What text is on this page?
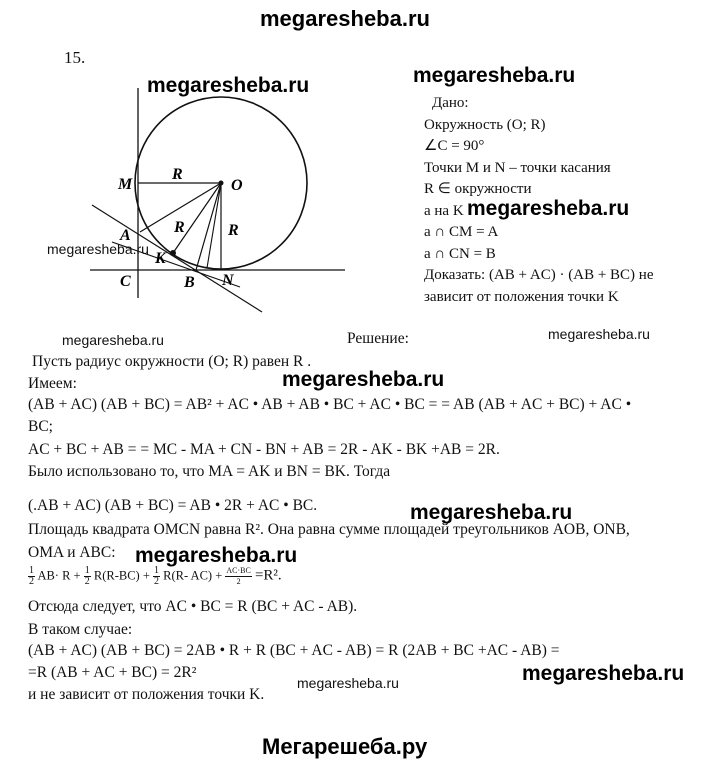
megaresheba.ru
Мегарешеба.ру
megaresheba.ru	megaresheba.ru
megaresheba.ru
megaresheba.ru
megaresheba.ru
megaresheba.ru
megaresheba.ru
megaresheba.ru
megaresheba.ru	megaresheba.ru
megaresheba.ru
15.
M
R
O
R	R
A
K
C	B N
Дано:
Окружность (O; R)
∠C = 90°
Точки M и N – точки касания
R ∈ окружности
a на K
a ∩ CM = A
a ∩ CN = B
Доказать: (AB + AC) · (AB + BC) не
зависит от положения точки K
Решение:
Пусть радиус окружности (O; R) равен R .
Имеем:
(AB + AC) (AB + BC) = AB² + AC • AB + AB • BC + AC • BC = = AB (AB + AC + BC) + AC •
BC;
AC + BC + AB = = MC - MA + CN - BN + AB = 2R - AK - BK +AB = 2R.
Было использовано то, что MA = AK и BN = BK. Тогда
(.AB + AC) (AB + BC) = AB • 2R + AC • BC.
Площадь квадрата OMCN равна R². Она равна сумме площадей треугольников AOB, ONB,
OMA и ABC:
$\frac{1}{2} AB\cdot R + \frac{1}{2} R(R-BC) + \frac{1}{2} R(R-$ $AC) + \frac{AC\cdot BC}{2} =R^2$.
Отсюда следует, что AC • BC = R (BC + AC - AB).
В таком случае:
(AB + AC) (AB + BC) = 2AB • R + R (BC + AC - AB) = R (2AB + BC +AC - AB) =
=R (AB + AC + BC) = 2R²
и не зависит от положения точки K.
